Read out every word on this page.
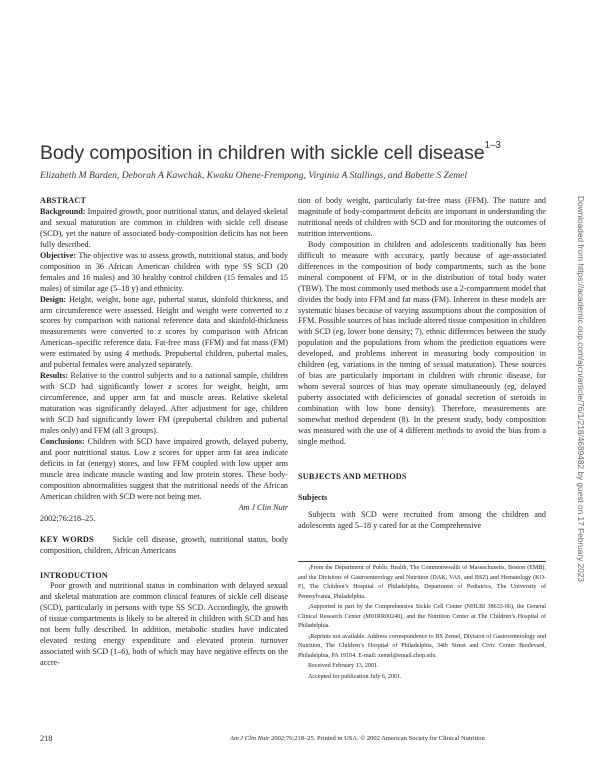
Body composition in children with sickle cell disease$^{1-3}$
Elizabeth M Barden, Deborah A Kawchak, Kwaku Ohene-Frempong, Virginia A Stallings, and Babette S Zemel

ABSTRACT

Background: Impaired growth, poor nutritional status, and delayed skeletal and sexual maturation are common in children with sickle cell disease (SCD), yet the nature of associated body-composition deficits has not been fully described.

Objective: The objective was to assess growth, nutritional status, and body composition in 36 African American children with type SS SCD (20 females and 16 males) and 30 healthy control children (15 females and 15 males) of similar age (5–18 y) and ethnicity.

Design: Height, weight, bone age, pubertal status, skinfold thickness, and arm circumference were assessed. Height and weight were converted to z scores by comparison with national reference data and skinfold-thickness measurements were converted to z scores by comparison with African American–specific reference data. Fat-free mass (FFM) and fat mass (FM) were estimated by using 4 methods. Prepubertal children, pubertal males, and pubertal females were analyzed separately.

Results: Relative to the control subjects and to a national sample, children with SCD had significantly lower z scores for weight, height, arm circumference, and upper arm fat and muscle areas. Relative skeletal maturation was significantly delayed. After adjustment for age, children with SCD had significantly lower FM (prepubertal children and pubertal males only) and FFM (all 3 groups).

Conclusions: Children with SCD have impaired growth, delayed puberty, and poor nutritional status. Low z scores for upper arm fat area indicate deficits in fat (energy) stores, and low FFM coupled with low upper arm muscle area indicate muscle wasting and low protein stores. These body-composition abnormalities suggest that the nutritional needs of the African American children with SCD were not being met.

Am J Clin Nutr

2002;76:218–25.

KEY WORDS Sickle cell disease, growth, nutritional status, body composition, children, African Americans

INTRODUCTION

Poor growth and nutritional status in combination with delayed sexual and skeletal maturation are common clinical features of sickle cell disease (SCD), particularly in persons with type SS SCD. Accordingly, the growth of tissue compartments is likely to be altered in children with SCD and has not been fully described. In addition, metabolic studies have indicated elevated resting energy expenditure and elevated protein turnover associated with SCD (1–6), both of which may have negative effects on the accre-

tion of body weight, particularly fat-free mass (FFM). The nature and magnitude of body-compartment deficits are important in understanding the nutritional needs of children with SCD and for monitoring the outcomes of nutrition interventions.

Body composition in children and adolescents traditionally has been difficult to measure with accuracy, partly because of age-associated differences in the composition of body compartments, such as the bone mineral component of FFM, or in the distribution of total body water (TBW). The most commonly used methods use a 2-compartment model that divides the body into FFM and fat mass (FM). Inherent in these models are systematic biases because of varying assumptions about the composition of FFM. Possible sources of bias include altered tissue composition in children with SCD (eg, lower bone density; 7), ethnic differences between the study population and the populations from whom the prediction equations were developed, and problems inherent in measuring body composition in children (eg, variations in the timing of sexual maturation). These sources of bias are particularly important in children with chronic disease, for whom several sources of bias may operate simultaneously (eg, delayed puberty associated with deficiencies of gonadal secretion of steroids in combination with low bone density). Therefore, measurements are somewhat method dependent (8). In the present study, body composition was measured with the use of 4 different methods to avoid the bias from a single method.

SUBJECTS AND METHODS

Subjects

Subjects with SCD were recruited from among the children and adolescents aged 5–18 y cared for at the Comprehensive

$^1$From the Department of Public Health, The Commonwealth of Massachusetts, Boston (EMB), and the Divisions of Gastroenterology and Nutrition (DAK, VAS, and BSZ) and Hematology (KO-F), The Children’s Hospital of Philadelphia, Department of Pediatrics, The University of Pennsylvania, Philadelphia.

$^2$Supported in part by the Comprehensive Sickle Cell Center (NHLBI 38633-06), the General Clinical Research Center (M01RR00240), and the Nutrition Center at The Children’s Hospital of Philadelphia.

$^3$Reprints not available. Address correspondence to BS Zemel, Division of Gastroenterology and Nutrition, The Children’s Hospital of Philadelphia, 34th Street and Civic Center Boulevard, Philadelphia, PA 19104. E-mail: zemel@email.chop.edu.

Received February 13, 2001.

Accepted for publication July 6, 2001.

218	Am J Clin Nutr 2002;76:218–25. Printed in USA. © 2002 American Society for Clinical Nutrition
Downloaded from https://academic.oup.com/ajcn/article/76/1/218/4689482 by guest on 17 February 2023
